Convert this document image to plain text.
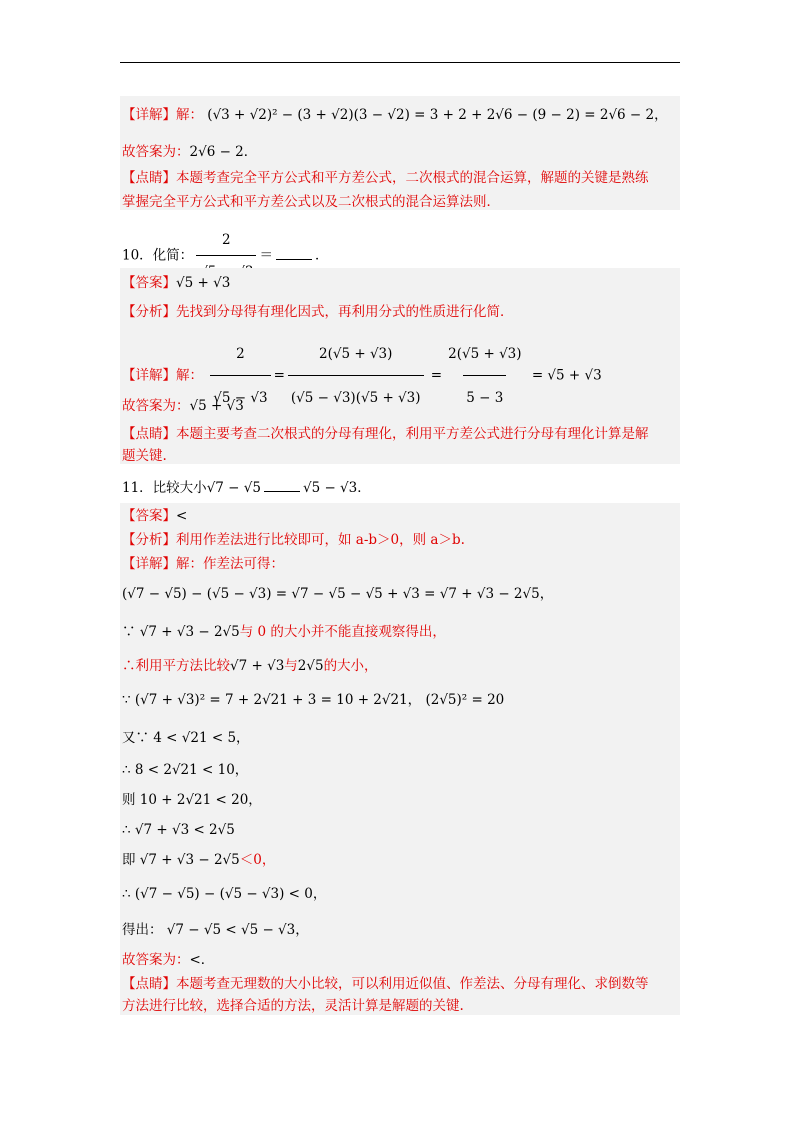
【详解】解： (√3 + √2)² − (3 + √2)(3 − √2) = 3 + 2 + 2√6 − (9 − 2) = 2√6 − 2，
故答案为：2√6 − 2．
【点睛】本题考查完全平方公式和平方差公式，二次根式的混合运算，解题的关键是熟练
掌握完全平方公式和平方差公式以及二次根式的混合运算法则．
10．化简：
2
＝	．
【答案】√5 + √3
【分析】先找到分母得有理化因式，再利用分式的性质进行化简．
【详解】解： $\frac{2}{√5 - √3} = \frac{2(√5 + √3)}{(√5 - √3)(√5 + √3)} = \frac{2(√5 + √3)}{5 - 3} = √5 + √3$
故答案为：√5 + √3
【点睛】本题主要考查二次根式的分母有理化，利用平方差公式进行分母有理化计算是解
题关键.
11．比较大小√7 − √5	√5 − √3．
【答案】<
【分析】利用作差法进行比较即可，如 a-b＞0，则 a＞b.
【详解】解：作差法可得：
(√7 − √5) − (√5 − √3) = √7 − √5 − √5 + √3 = √7 + √3 − 2√5，
∵ √7 + √3 − 2√5与 0 的大小并不能直接观察得出，
∴利用平方法比较√7 + √3与2√5的大小，
∵ (√7 + √3)² = 7 + 2√21 + 3 = 10 + 2√21， (2√5)² = 20
又∵ 4 < √21 < 5，
∴ 8 < 2√21 < 10，
则 10 + 2√21 < 20，
∴ √7 + √3 < 2√5
即 √7 + √3 − 2√5＜0，
∴ (√7 − √5) − (√5 − √3) < 0，
得出： √7 − √5 < √5 − √3，
故答案为：<．
【点睛】本题考查无理数的大小比较，可以利用近似值、作差法、分母有理化、求倒数等
方法进行比较，选择合适的方法，灵活计算是解题的关键.
